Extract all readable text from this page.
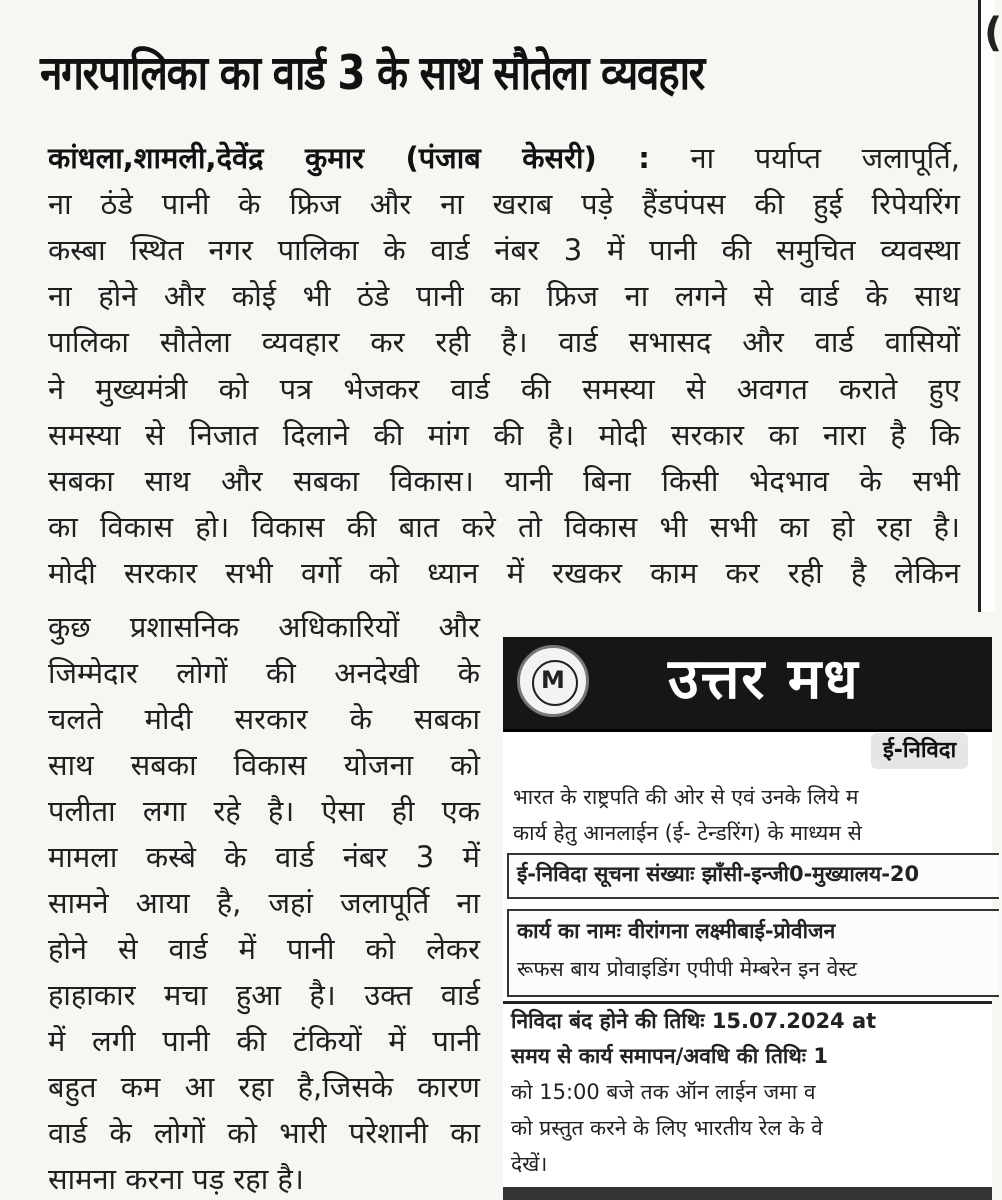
नगरपालिका का वार्ड 3 के साथ सौतेला व्यवहार
कांधला,शामली,देवेंद्र कुमार (पंजाब केसरी) : ना पर्याप्त जलापूर्ति,
ना ठंडे पानी के फ्रिज और ना खराब पड़े हैंडपंपस की हुई रिपेयरिंग
कस्बा स्थित नगर पालिका के वार्ड नंबर 3 में पानी की समुचित व्यवस्था
ना होने और कोई भी ठंडे पानी का फ्रिज ना लगने से वार्ड के साथ
पालिका सौतेला व्यवहार कर रही है। वार्ड सभासद और वार्ड वासियों
ने मुख्यमंत्री को पत्र भेजकर वार्ड की समस्या से अवगत कराते हुए
समस्या से निजात दिलाने की मांग की है। मोदी सरकार का नारा है कि
सबका साथ और सबका विकास। यानी बिना किसी भेदभाव के सभी
का विकास हो। विकास की बात करे तो विकास भी सभी का हो रहा है।
मोदी सरकार सभी वर्गो को ध्यान में रखकर काम कर रही है लेकिन
कुछ प्रशासनिक अधिकारियों और
जिम्मेदार लोगों की अनदेखी के
चलते मोदी सरकार के सबका
साथ सबका विकास योजना को
पलीता लगा रहे है। ऐसा ही एक
मामला कस्बे के वार्ड नंबर 3 में
सामने आया है, जहां जलापूर्ति ना
होने से वार्ड में पानी को लेकर
हाहाकार मचा हुआ है। उक्त वार्ड
में लगी पानी की टंकियों में पानी
बहुत कम आ रहा है,जिसके कारण
वार्ड के लोगों को भारी परेशानी का
सामना करना पड़ रहा है।
(
M	उत्तर मध
ई-निविदा
भारत के राष्ट्रपति की ओर से एवं उनके लिये म
कार्य हेतु आनलाईन (ई- टेन्डरिंग) के माध्यम से
ई-निविदा सूचना संख्याः झाँसी-इन्जी0-मुख्यालय-20
कार्य का नामः वीरांगना लक्ष्मीबाई-प्रोवीजन
रूफस बाय प्रोवाइडिंग एपीपी मेम्बरेन इन वेस्ट
निविदा बंद होने की तिथिः 15.07.2024 at
समय से कार्य समापन/अवधि की तिथिः 1
को 15:00 बजे तक ऑन लाईन जमा व
को प्रस्तुत करने के लिए भारतीय रेल के वे
देखें।
